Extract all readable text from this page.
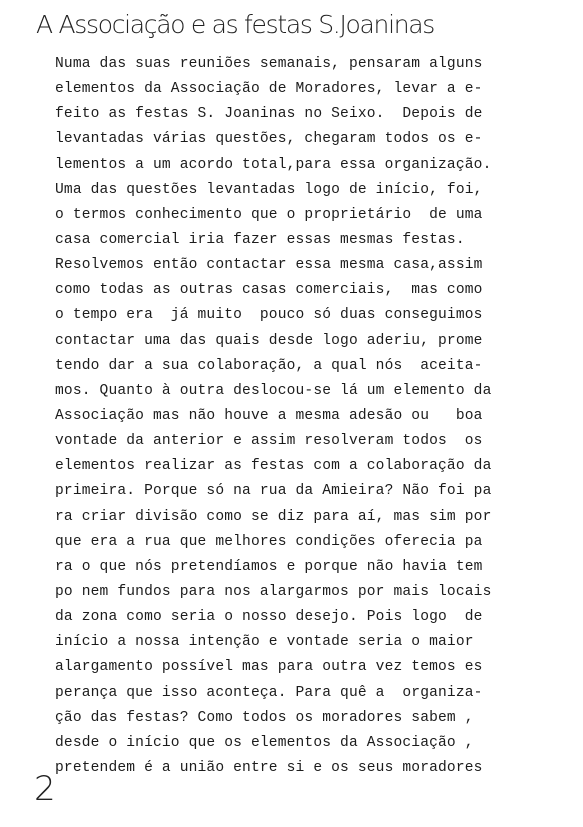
A Associação e as festas S.Joaninas
Numa das suas reuniões semanais, pensaram alguns
elementos da Associação de Moradores, levar a e-
feito as festas S. Joaninas no Seixo.  Depois de
levantadas várias questões, chegaram todos os e-
lementos a um acordo total,para essa organização.
Uma das questões levantadas logo de início, foi,
o termos conhecimento que o proprietário  de uma
casa comercial iria fazer essas mesmas festas.
Resolvemos então contactar essa mesma casa,assim
como todas as outras casas comerciais,  mas como
o tempo era  já muito  pouco só duas conseguimos
contactar uma das quais desde logo aderiu, prome
tendo dar a sua colaboração, a qual nós  aceita-
mos. Quanto à outra deslocou-se lá um elemento da
Associação mas não houve a mesma adesão ou   boa
vontade da anterior e assim resolveram todos  os
elementos realizar as festas com a colaboração da
primeira. Porque só na rua da Amieira? Não foi pa
ra criar divisão como se diz para aí, mas sim por
que era a rua que melhores condições oferecia pa
ra o que nós pretendíamos e porque não havia tem
po nem fundos para nos alargarmos por mais locais
da zona como seria o nosso desejo. Pois logo  de
início a nossa intenção e vontade seria o maior
alargamento possível mas para outra vez temos es
perança que isso aconteça. Para quê a  organiza-
ção das festas? Como todos os moradores sabem ,
desde o início que os elementos da Associação ,
pretendem é a união entre si e os seus moradores
2
